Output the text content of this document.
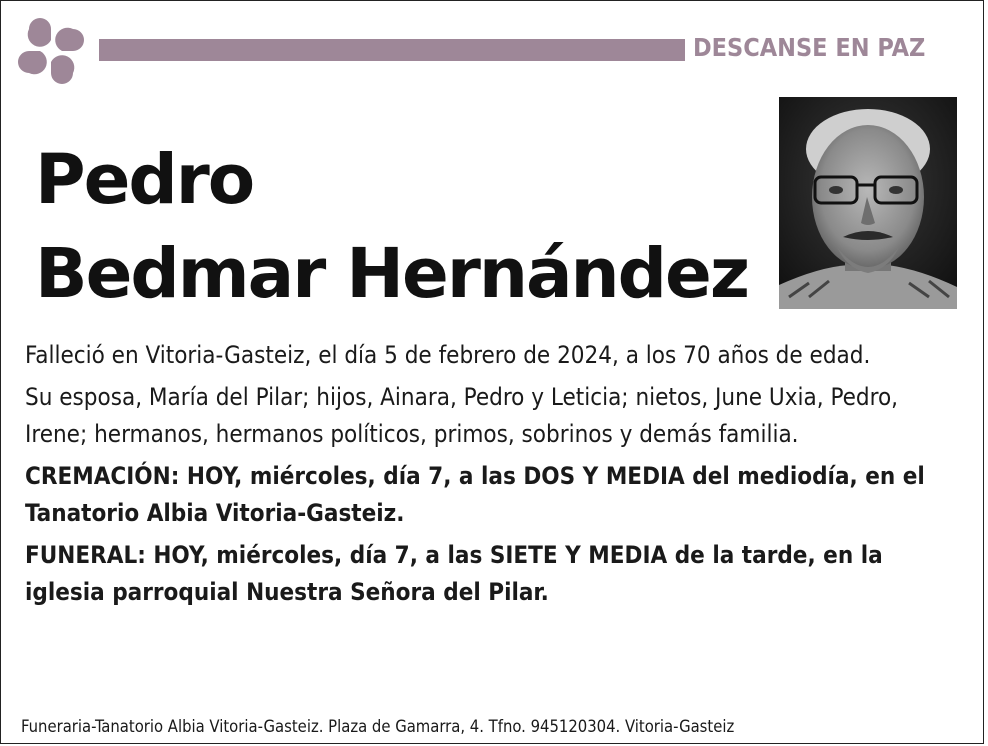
DESCANSE EN PAZ
Pedro
Bedmar Hernández

Falleció en Vitoria-Gasteiz, el día 5 de febrero de 2024, a los 70 años de edad.

Su esposa, María del Pilar; hijos, Ainara, Pedro y Leticia; nietos, June Uxia, Pedro, Irene; hermanos, hermanos políticos, primos, sobrinos y demás familia.

CREMACIÓN: HOY, miércoles, día 7, a las DOS Y MEDIA del mediodía, en el Tanatorio Albia Vitoria-Gasteiz.

FUNERAL: HOY, miércoles, día 7, a las SIETE Y MEDIA de la tarde, en la iglesia parroquial Nuestra Señora del Pilar.

Funeraria-Tanatorio Albia Vitoria-Gasteiz. Plaza de Gamarra, 4. Tfno. 945120304. Vitoria-Gasteiz
